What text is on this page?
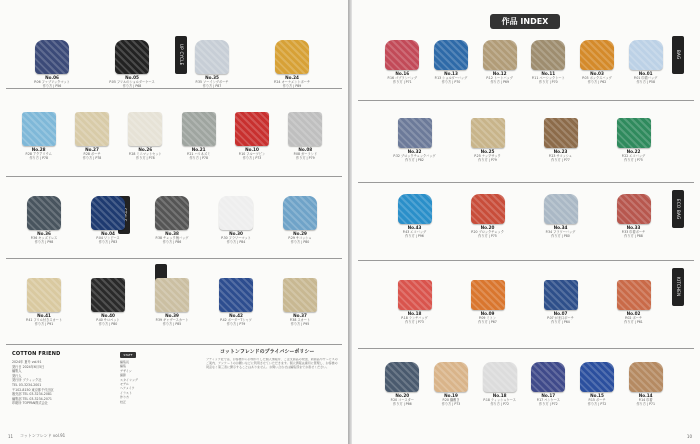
UP CYCLE
COTTON FRIEND
2024年 夏号 vol.91
発行日 2024年6月5日
編集人
発行人
発行所 ブティック社
TEL 03-3234-2001
〒102-8150 東京都千代田区
販売部 TEL 03-3234-2081
編集部 TEL 03-3234-2071
印刷所 TOPPAN株式会社
STAFF
編集長
編集
デザイン
撮影
スタイリング
モデル
ヘアメイク
イラスト
作り方
校正
コットンフレンドのプライバシーポリシー
ブティック社では、お客様からお預かりした個人情報を、ご注文商品の発送、新商品やサービスのご案内、アンケートのお願いなどに利用させていただきます。個人情報は適切に管理し、お客様の同意なく第三者に開示することはありません。お問い合わせは編集部までお寄せください。
11 コットンフレンド vol.91
No.06
P.06 ファブリックマット
作り方 | P56
No.05
P.05 フリルのショルダーケース
作り方 | P68
No.35
P.35 ソーイングポーチ
作り方 | P87
No.24
P.24 オーナメントポーチ
作り方 | P89
No.28
P.28 アクアリウム
作り方 | P78
No.27
P.28 ポーチ
作り方 | P78
No.26
P.28 ミニマットセット
作り方 | P78
No.21
P.21 ハリネズミ
作り方 | P78
No.10
P.10 フルーツピン
作り方 | P73
No.08
P.08 ガーランド
作り方 | P79
No.36
P.36 キッズドレス
作り方 | P98
No.04
P.04 ワンピース
作り方 | P83
No.38
P.38 チェック柄バッグ
作り方 | P86
No.30
P.30 フラワーマット
作り方 | P84
No.29
P.29 サコッシュ
作り方 | P80
No.41
P.41 フリル付きスカート
作り方 | P91
No.40
P.40 サロペット
作り方 | P80
No.39
P.39 ギャザースカート
作り方 | P85
No.42
P.42 ボーダーTシャツ
作り方 | P79
No.37
P.38 スカート
作り方 | P95
BAG
ECO BAG
KITCHEN
10
No.16
P.16 ゴブランバッグ
作り方 | P71
No.13
P.13 ショルダーバッグ
作り方 | P70
No.12
P.12 トートバッグ
作り方 | P69
No.11
P.11 ベーシックトート
作り方 | P70
No.03
P.03 ボックスバッグ
作り方 | P62
No.01
P.01 巾着バッグ
作り方 | P58
No.32
P.32 ブロックチェックバッグ
作り方 | P82
No.25
P.25 ナップサック
作り方 | P79
No.23
P.23 サコッシュ
作り方 | P77
No.22
P.22 エコバッグ
作り方 | P75
No.43
P.43 エコバッグ
作り方 | P96
No.20
P.20 ブロックチェック
作り方 | P75
No.34
P.34 フラワーバッグ
作り方 | P80
No.33
P.33 巾着ポーチ
作り方 | P88
No.18
P.18 ランチバッグ
作り方 | P73
No.09
P.09 ミトン
作り方 | P67
No.07
P.07 がま口ポーチ
作り方 | P64
No.02
P.02 ポーチ
作り方 | P61
No.20
P.20 コースター
作り方 | P66
No.19
P.20 鍋敷き
作り方 | P73
No.18
P.18 ティッシュケース
作り方 | P72
No.17
P.17 ペンケース
作り方 | P72
No.15
P.15 ポーチ
作り方 | P72
No.14
P.14 巾着
作り方 | P71
作品 INDEX
